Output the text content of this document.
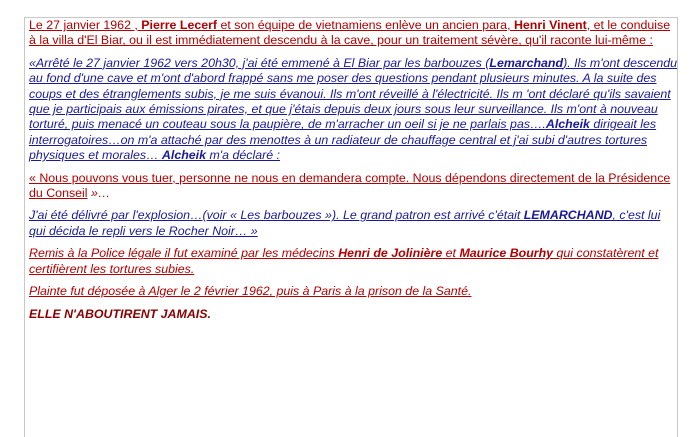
Le 27 janvier 1962 , Pierre Lecerf et son équipe de vietnamiens enlève un ancien para, Henri Vinent, et le conduise à la villa d'El Biar, ou il est immédiatement descendu à la cave, pour un traitement sévère, qu'il raconte lui-même :

«Arrêté le 27 janvier 1962 vers 20h30, j'ai été emmené à El Biar par les barbouzes (Lemarchand). Ils m'ont descendu au fond d'une cave et m'ont d'abord frappé sans me poser des questions pendant plusieurs minutes. A la suite des coups et des étranglements subis, je me suis évanoui. Ils m'ont réveillé à l'électricité. Ils m 'ont déclaré qu'ils savaient que je participais aux émissions pirates, et que j'étais depuis deux jours sous leur surveillance. Ils m'ont à nouveau torturé, puis menacé un couteau sous la paupière, de m'arracher un oeil si je ne parlais pas….Alcheik dirigeait les interrogatoires…on m'a attaché par des menottes à un radiateur de chauffage central et j'ai subi d'autres tortures physiques et morales… Alcheik m'a déclaré :

« Nous pouvons vous tuer, personne ne nous en demandera compte. Nous dépendons directement de la Présidence du Conseil »…

J'ai été délivré par l'explosion…(voir « Les barbouzes »). Le grand patron est arrivé c'était LEMARCHAND, c'est lui qui décida le repli vers le Rocher Noir… »

Remis à la Police légale il fut examiné par les médecins Henri de Jolinière et Maurice Bourhy qui constatèrent et certifièrent les tortures subies.

Plainte fut déposée à Alger le 2 février 1962, puis à Paris à la prison de la Santé.

ELLE N'ABOUTIRENT JAMAIS.
